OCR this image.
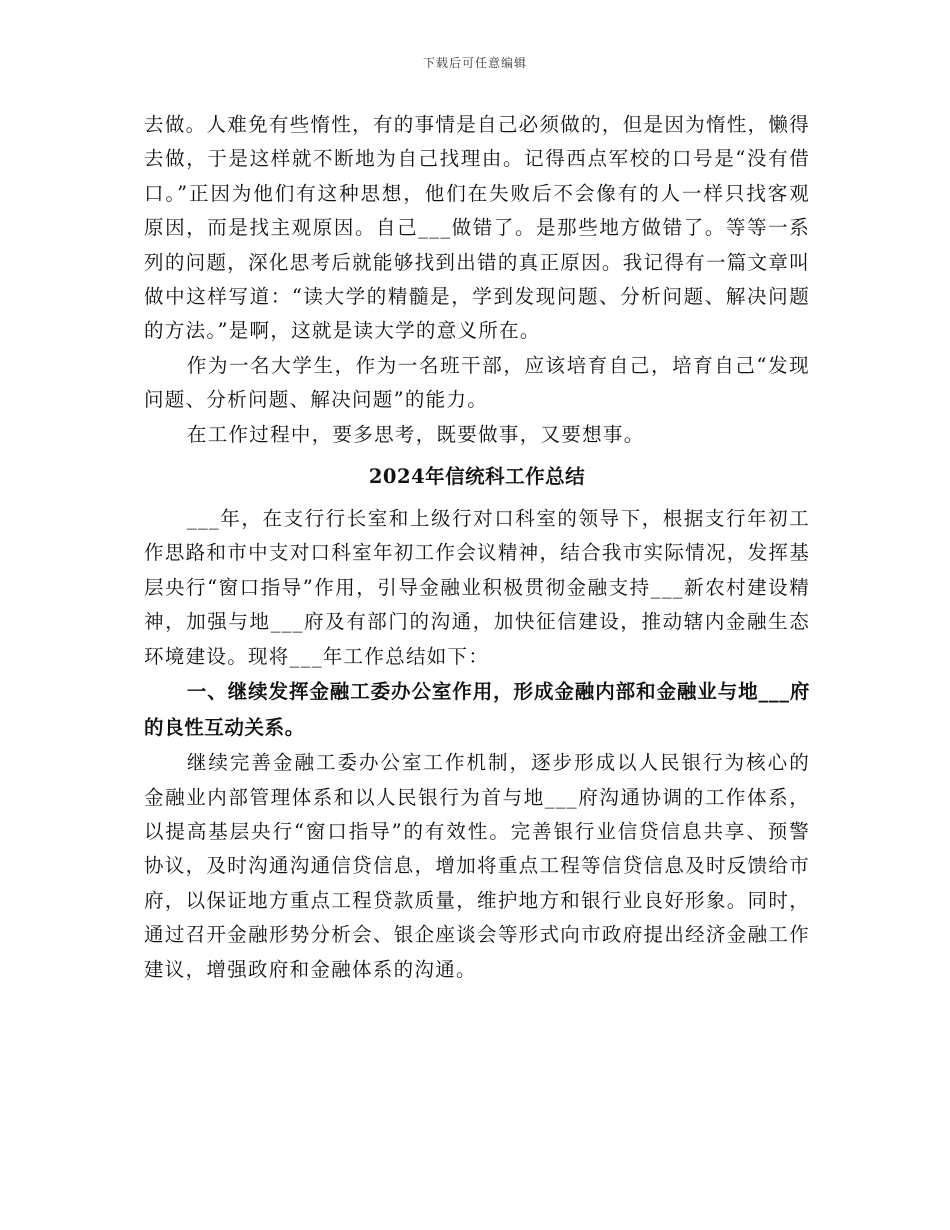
下载后可任意编辑

去做。人难免有些惰性，有的事情是自己必须做的，但是因为惰性，懒得去做，于是这样就不断地为自己找理由。记得西点军校的口号是“没有借口。”正因为他们有这种思想，他们在失败后不会像有的人一样只找客观原因，而是找主观原因。自己___做错了。是那些地方做错了。等等一系列的问题，深化思考后就能够找到出错的真正原因。我记得有一篇文章叫做中这样写道：“读大学的精髓是，学到发现问题、分析问题、解决问题的方法。”是啊，这就是读大学的意义所在。

作为一名大学生，作为一名班干部，应该培育自己，培育自己“发现问题、分析问题、解决问题”的能力。

在工作过程中，要多思考，既要做事，又要想事。

2024年信统科工作总结

___年，在支行行长室和上级行对口科室的领导下，根据支行年初工作思路和市中支对口科室年初工作会议精神，结合我市实际情况，发挥基层央行“窗口指导”作用，引导金融业积极贯彻金融支持___新农村建设精神，加强与地___府及有部门的沟通，加快征信建设，推动辖内金融生态环境建设。现将___年工作总结如下：

一、继续发挥金融工委办公室作用，形成金融内部和金融业与地___府的良性互动关系。

继续完善金融工委办公室工作机制，逐步形成以人民银行为核心的金融业内部管理体系和以人民银行为首与地___府沟通协调的工作体系，以提高基层央行“窗口指导”的有效性。完善银行业信贷信息共享、预警协议，及时沟通沟通信贷信息，增加将重点工程等信贷信息及时反馈给市府，以保证地方重点工程贷款质量，维护地方和银行业良好形象。同时，通过召开金融形势分析会、银企座谈会等形式向市政府提出经济金融工作建议，增强政府和金融体系的沟通。
